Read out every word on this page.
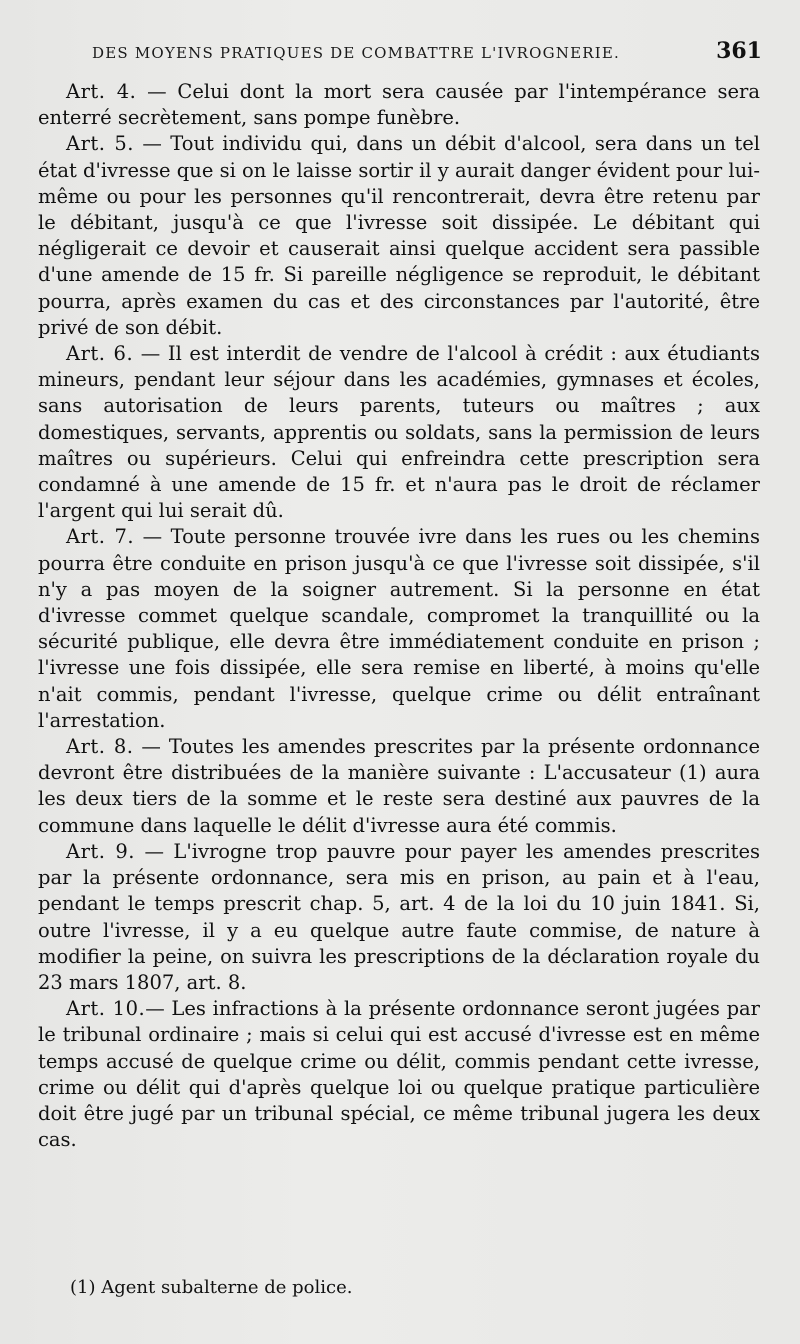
DES MOYENS PRATIQUES DE COMBATTRE L'IVROGNERIE.	361

Art. 4. — Celui dont la mort sera causée par l'intempérance sera enterré secrètement, sans pompe funèbre.

Art. 5. — Tout individu qui, dans un débit d'alcool, sera dans un tel état d'ivresse que si on le laisse sortir il y aurait danger évident pour lui-même ou pour les personnes qu'il rencontrerait, devra être retenu par le débitant, jusqu'à ce que l'ivresse soit dissipée. Le débitant qui négligerait ce devoir et causerait ainsi quelque accident sera passible d'une amende de 15 fr. Si pareille négligence se reproduit, le débitant pourra, après examen du cas et des circonstances par l'autorité, être privé de son débit.

Art. 6. — Il est interdit de vendre de l'alcool à crédit : aux étudiants mineurs, pendant leur séjour dans les académies, gymnases et écoles, sans autorisation de leurs parents, tuteurs ou maîtres ; aux domestiques, servants, apprentis ou soldats, sans la permission de leurs maîtres ou supérieurs. Celui qui enfreindra cette prescription sera condamné à une amende de 15 fr. et n'aura pas le droit de réclamer l'argent qui lui serait dû.

Art. 7. — Toute personne trouvée ivre dans les rues ou les chemins pourra être conduite en prison jusqu'à ce que l'ivresse soit dissipée, s'il n'y a pas moyen de la soigner autrement. Si la personne en état d'ivresse commet quelque scandale, compromet la tranquillité ou la sécurité publique, elle devra être immédiatement conduite en prison ; l'ivresse une fois dissipée, elle sera remise en liberté, à moins qu'elle n'ait commis, pendant l'ivresse, quelque crime ou délit entraînant l'arrestation.

Art. 8. — Toutes les amendes prescrites par la présente ordonnance devront être distribuées de la manière suivante : L'accusateur (1) aura les deux tiers de la somme et le reste sera destiné aux pauvres de la commune dans laquelle le délit d'ivresse aura été commis.

Art. 9. — L'ivrogne trop pauvre pour payer les amendes prescrites par la présente ordonnance, sera mis en prison, au pain et à l'eau, pendant le temps prescrit chap. 5, art. 4 de la loi du 10 juin 1841. Si, outre l'ivresse, il y a eu quelque autre faute commise, de nature à modifier la peine, on suivra les prescriptions de la déclaration royale du 23 mars 1807, art. 8.

Art. 10.— Les infractions à la présente ordonnance seront jugées par le tribunal ordinaire ; mais si celui qui est accusé d'ivresse est en même temps accusé de quelque crime ou délit, commis pendant cette ivresse, crime ou délit qui d'après quelque loi ou quelque pratique particulière doit être jugé par un tribunal spécial, ce même tribunal jugera les deux cas.

(1) Agent subalterne de police.
